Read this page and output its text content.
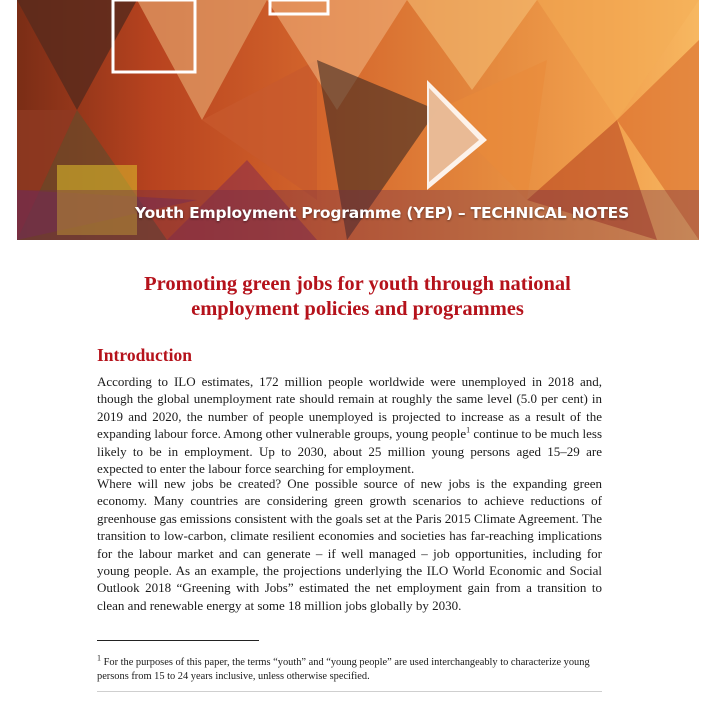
Youth Employment Programme (YEP) – TECHNICAL NOTES
Promoting green jobs for youth through national
employment policies and programmes
Introduction

According to ILO estimates, 172 million people worldwide were unemployed in 2018 and, though the global unemployment rate should remain at roughly the same level (5.0 per cent) in 2019 and 2020, the number of people unemployed is projected to increase as a result of the expanding labour force. Among other vulnerable groups, young people$^1$ continue to be much less likely to be in employment. Up to 2030, about 25 million young persons aged 15–29 are expected to enter the labour force searching for employment.

Where will new jobs be created? One possible source of new jobs is the expanding green economy. Many countries are considering green growth scenarios to achieve reductions of greenhouse gas emissions consistent with the goals set at the Paris 2015 Climate Agreement. The transition to low-carbon, climate resilient economies and societies has far-reaching implications for the labour market and can generate – if well managed – job opportunities, including for young people. As an example, the projections underlying the ILO World Economic and Social Outlook 2018 “Greening with Jobs” estimated the net employment gain from a transition to clean and renewable energy at some 18 million jobs globally by 2030.

$^1$ For the purposes of this paper, the terms “youth” and “young people” are used interchangeably to characterize young persons from 15 to 24 years inclusive, unless otherwise specified.
